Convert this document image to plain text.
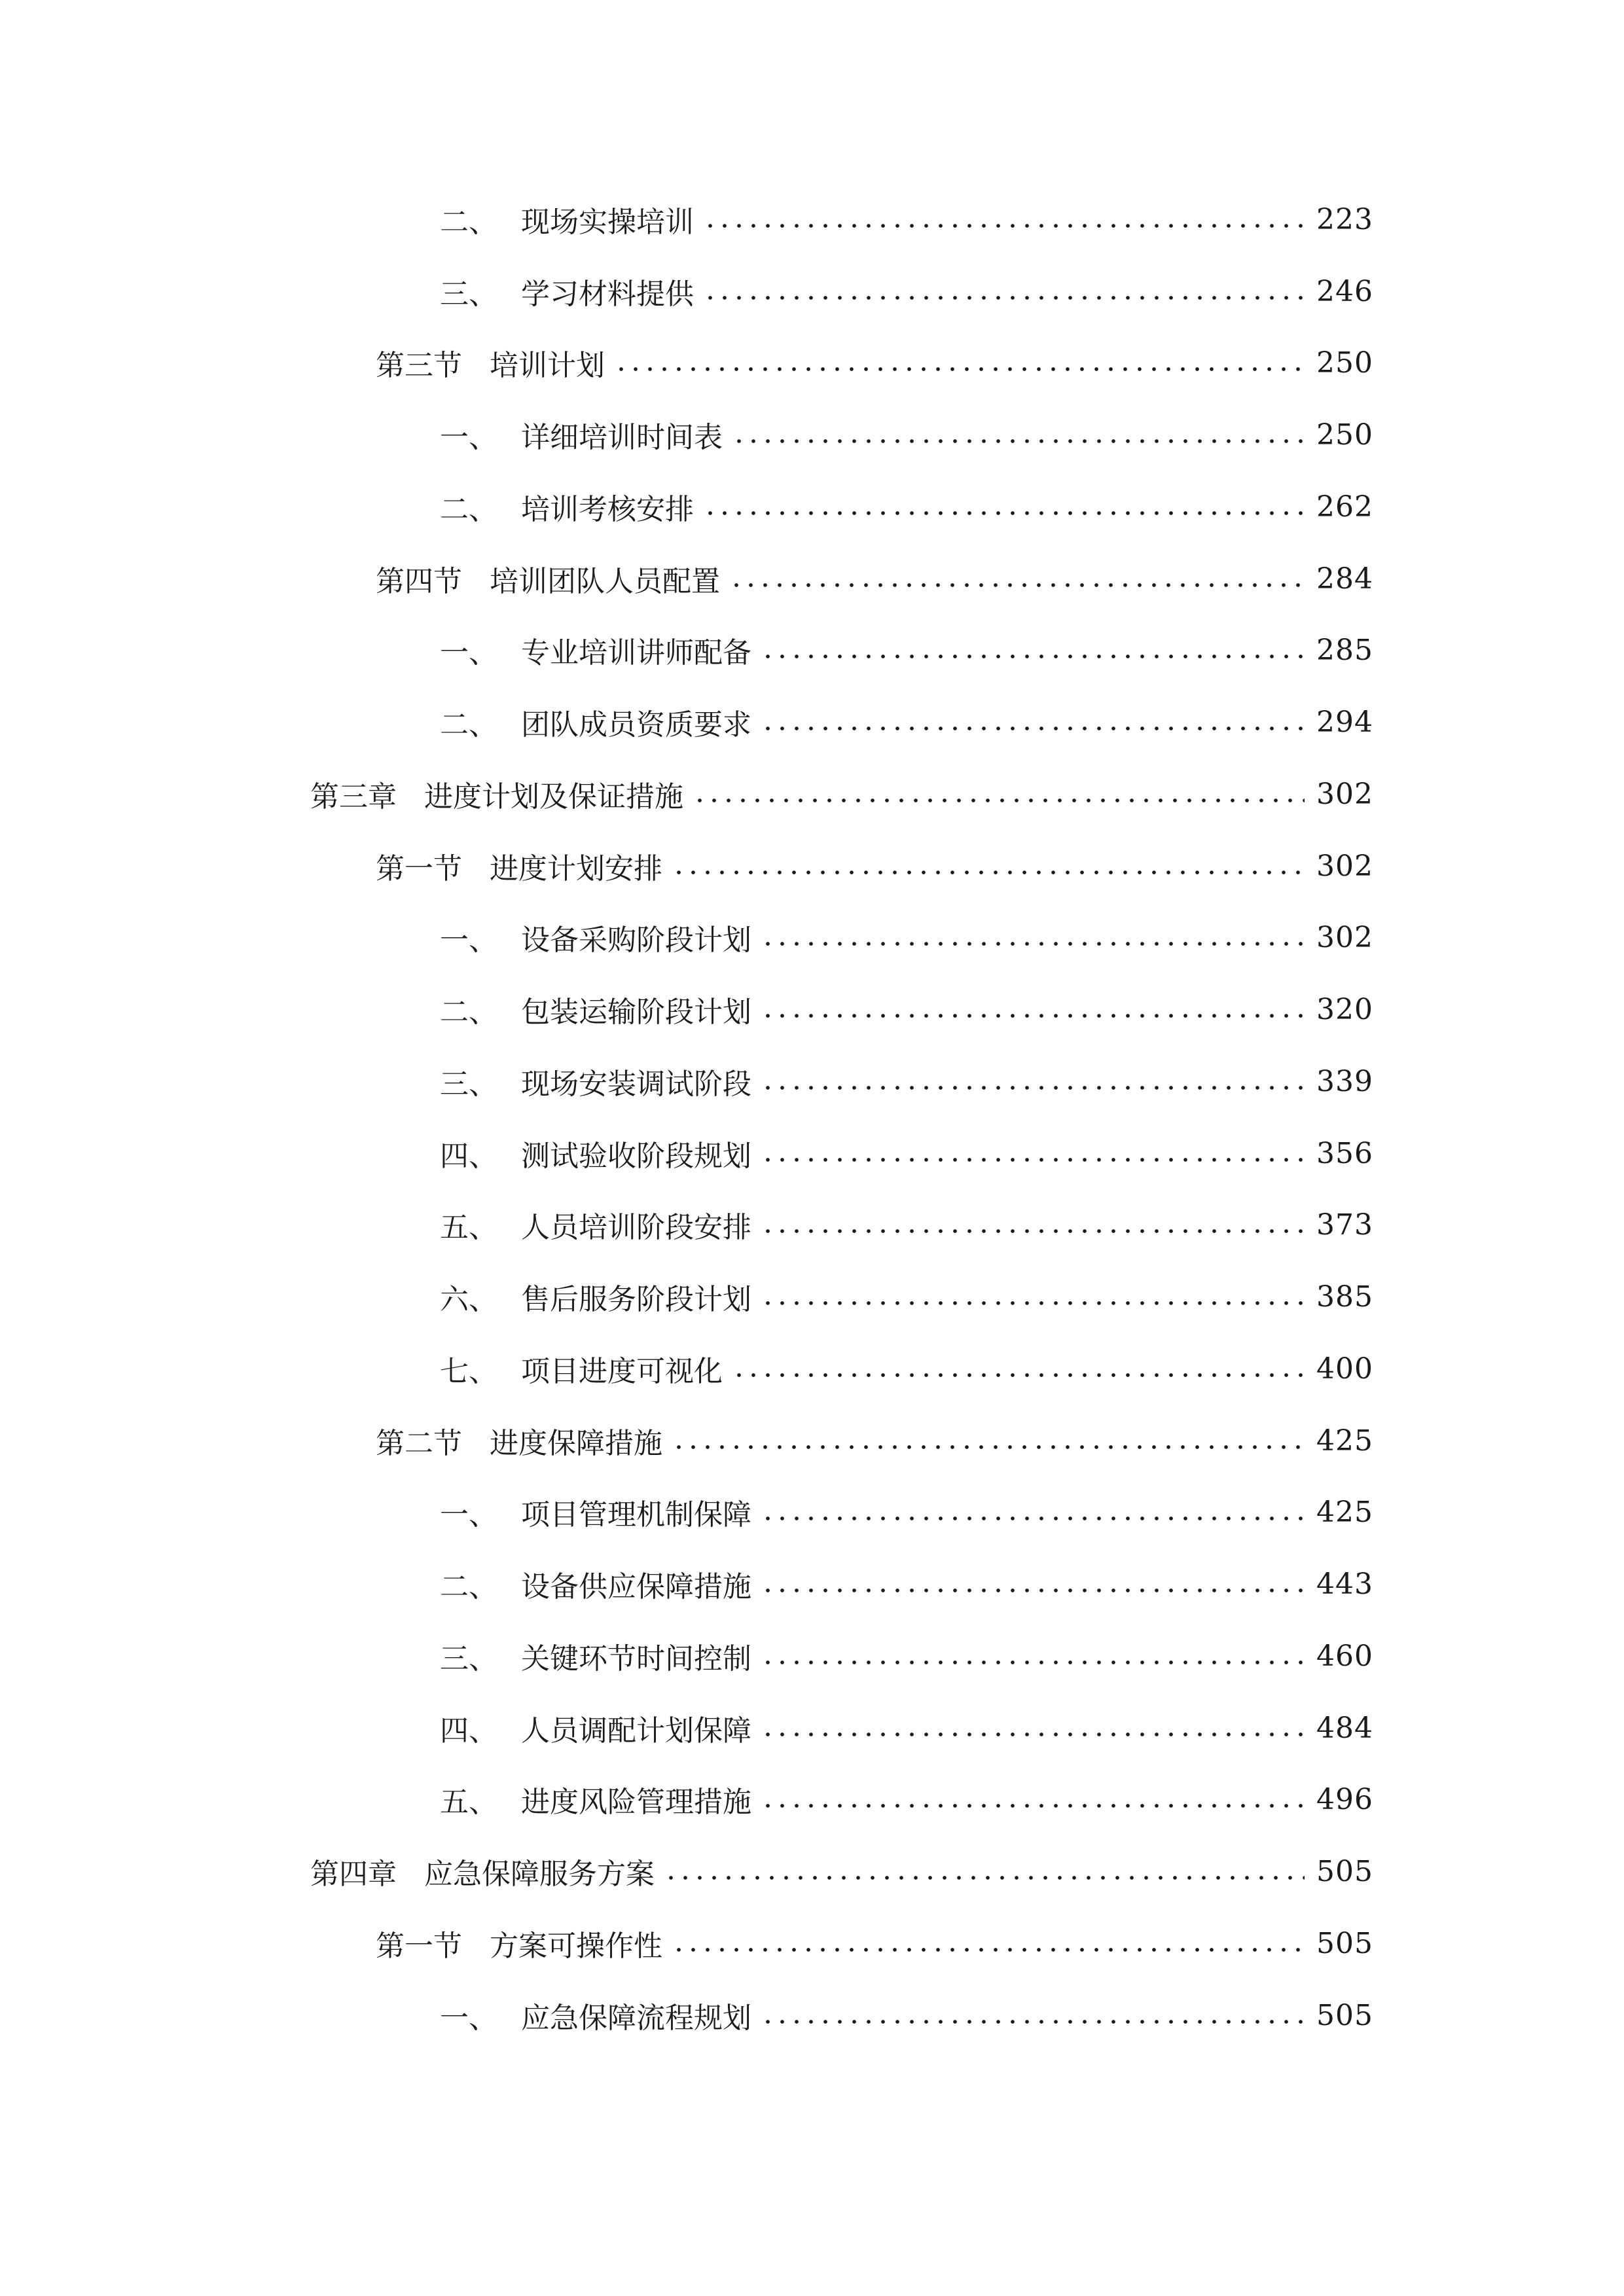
二、 现场实操培训	223
三、 学习材料提供	246
第三节 培训计划	250
一、 详细培训时间表	250
二、 培训考核安排	262
第四节 培训团队人员配置	284
一、 专业培训讲师配备	285
二、 团队成员资质要求	294
第三章 进度计划及保证措施	302
第一节 进度计划安排	302
一、 设备采购阶段计划	302
二、 包装运输阶段计划	320
三、 现场安装调试阶段	339
四、 测试验收阶段规划	356
五、 人员培训阶段安排	373
六、 售后服务阶段计划	385
七、 项目进度可视化	400
第二节 进度保障措施	425
一、 项目管理机制保障	425
二、 设备供应保障措施	443
三、 关键环节时间控制	460
四、 人员调配计划保障	484
五、 进度风险管理措施	496
第四章 应急保障服务方案	505
第一节 方案可操作性	505
一、 应急保障流程规划	505
